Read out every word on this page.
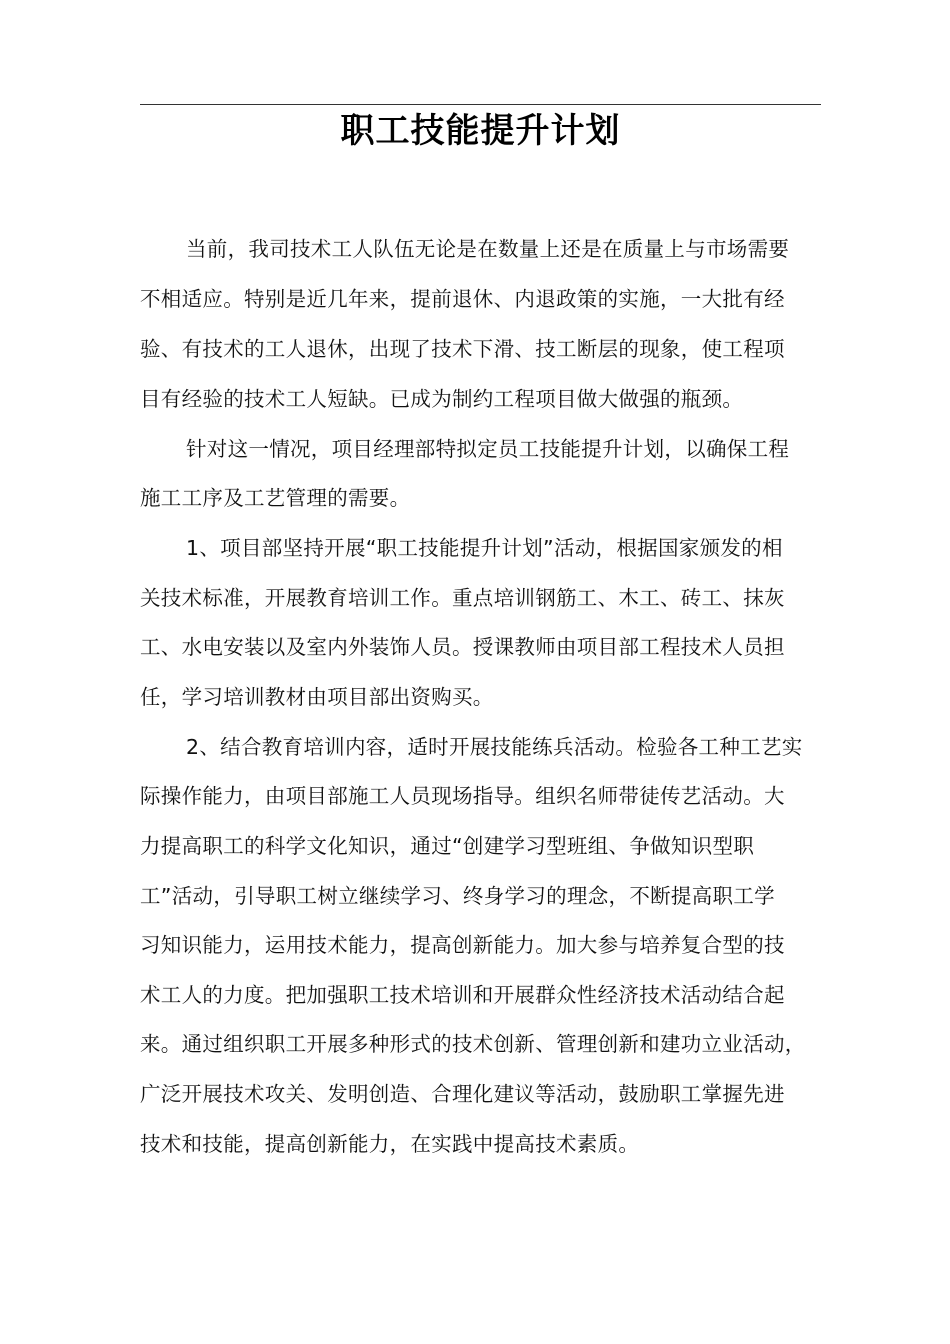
职工技能提升计划

当前，我司技术工人队伍无论是在数量上还是在质量上与市场需要

不相适应。特别是近几年来，提前退休、内退政策的实施，一大批有经

验、有技术的工人退休，出现了技术下滑、技工断层的现象，使工程项

目有经验的技术工人短缺。已成为制约工程项目做大做强的瓶颈。

针对这一情况，项目经理部特拟定员工技能提升计划，以确保工程

施工工序及工艺管理的需要。

1、项目部坚持开展“职工技能提升计划”活动，根据国家颁发的相

关技术标准，开展教育培训工作。重点培训钢筋工、木工、砖工、抹灰

工、水电安装以及室内外装饰人员。授课教师由项目部工程技术人员担

任，学习培训教材由项目部出资购买。

2、结合教育培训内容，适时开展技能练兵活动。检验各工种工艺实

际操作能力，由项目部施工人员现场指导。组织名师带徒传艺活动。大

力提高职工的科学文化知识，通过“创建学习型班组、争做知识型职

工”活动，引导职工树立继续学习、终身学习的理念，不断提高职工学

习知识能力，运用技术能力，提高创新能力。加大参与培养复合型的技

术工人的力度。把加强职工技术培训和开展群众性经济技术活动结合起

来。通过组织职工开展多种形式的技术创新、管理创新和建功立业活动，

广泛开展技术攻关、发明创造、合理化建议等活动，鼓励职工掌握先进

技术和技能，提高创新能力，在实践中提高技术素质。
